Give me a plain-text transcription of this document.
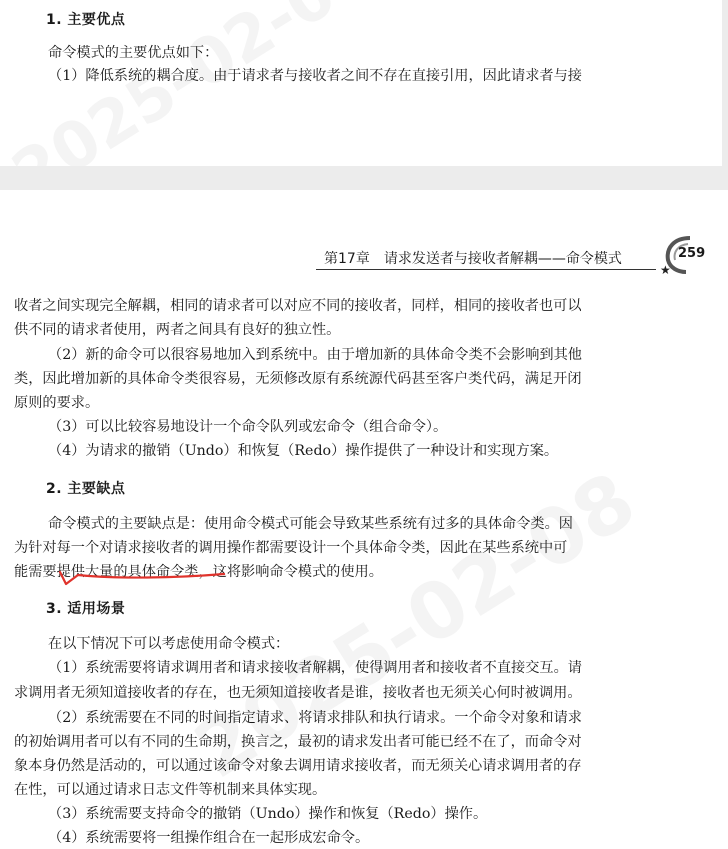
1. 主要优点
命令模式的主要优点如下：
（1）降低系统的耦合度。由于请求者与接收者之间不存在直接引用，因此请求者与接
第17章　请求发送者与接收者解耦——命令模式
★
259
收者之间实现完全解耦，相同的请求者可以对应不同的接收者，同样，相同的接收者也可以
供不同的请求者使用，两者之间具有良好的独立性。
（2）新的命令可以很容易地加入到系统中。由于增加新的具体命令类不会影响到其他
类，因此增加新的具体命令类很容易，无须修改原有系统源代码甚至客户类代码，满足开闭
原则的要求。
（3）可以比较容易地设计一个命令队列或宏命令（组合命令）。
（4）为请求的撤销（Undo）和恢复（Redo）操作提供了一种设计和实现方案。
2. 主要缺点
命令模式的主要缺点是：使用命令模式可能会导致某些系统有过多的具体命令类。因
为针对每一个对请求接收者的调用操作都需要设计一个具体命令类，因此在某些系统中可
能需要提供大量的具体命令类，这将影响命令模式的使用。
3. 适用场景
在以下情况下可以考虑使用命令模式：
（1）系统需要将请求调用者和请求接收者解耦，使得调用者和接收者不直接交互。请
求调用者无须知道接收者的存在，也无须知道接收者是谁，接收者也无须关心何时被调用。
（2）系统需要在不同的时间指定请求、将请求排队和执行请求。一个命令对象和请求
的初始调用者可以有不同的生命期，换言之，最初的请求发出者可能已经不在了，而命令对
象本身仍然是活动的，可以通过该命令对象去调用请求接收者，而无须关心请求调用者的存
在性，可以通过请求日志文件等机制来具体实现。
（3）系统需要支持命令的撤销（Undo）操作和恢复（Redo）操作。
（4）系统需要将一组操作组合在一起形成宏命令。
